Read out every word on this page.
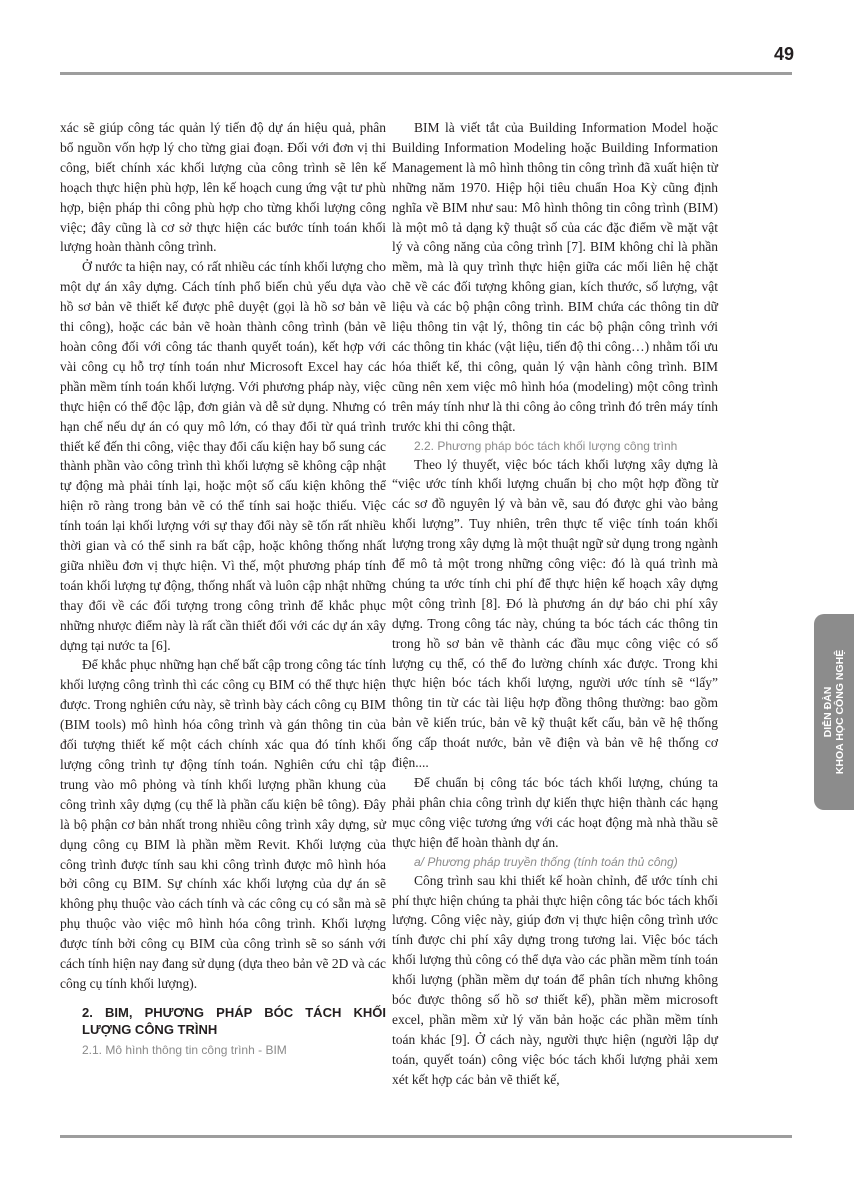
49

xác sẽ giúp công tác quản lý tiến độ dự án hiệu quả, phân bổ nguồn vốn hợp lý cho từng giai đoạn. Đối với đơn vị thi công, biết chính xác khối lượng của công trình sẽ lên kế hoạch thực hiện phù hợp, lên kế hoạch cung ứng vật tư phù hợp, biện pháp thi công phù hợp cho từng khối lượng công việc; đây cũng là cơ sở thực hiện các bước tính toán khối lượng hoàn thành công trình.

Ở nước ta hiện nay, có rất nhiều các tính khối lượng cho một dự án xây dựng. Cách tính phổ biến chủ yếu dựa vào hồ sơ bản vẽ thiết kế được phê duyệt (gọi là hồ sơ bản vẽ thi công), hoặc các bản vẽ hoàn thành công trình (bản vẽ hoàn công đối với công tác thanh quyết toán), kết hợp với vài công cụ hỗ trợ tính toán như Microsoft Excel hay các phần mềm tính toán khối lượng. Với phương pháp này, việc thực hiện có thể độc lập, đơn giản và dễ sử dụng. Nhưng có hạn chế nếu dự án có quy mô lớn, có thay đổi từ quá trình thiết kế đến thi công, việc thay đổi cấu kiện hay bổ sung các thành phần vào công trình thì khối lượng sẽ không cập nhật tự động mà phải tính lại, hoặc một số cấu kiện không thể hiện rõ ràng trong bản vẽ có thể tính sai hoặc thiếu. Việc tính toán lại khối lượng với sự thay đổi này sẽ tốn rất nhiều thời gian và có thể sinh ra bất cập, hoặc không thống nhất giữa nhiều đơn vị thực hiện. Vì thế, một phương pháp tính toán khối lượng tự động, thống nhất và luôn cập nhật những thay đổi về các đối tượng trong công trình để khắc phục những nhược điểm này là rất cần thiết đối với các dự án xây dựng tại nước ta [6].

Để khắc phục những hạn chế bất cập trong công tác tính khối lượng công trình thì các công cụ BIM có thể thực hiện được. Trong nghiên cứu này, sẽ trình bày cách công cụ BIM (BIM tools) mô hình hóa công trình và gán thông tin của đối tượng thiết kế một cách chính xác qua đó tính khối lượng công trình tự động tính toán. Nghiên cứu chỉ tập trung vào mô phỏng và tính khối lượng phần khung của công trình xây dựng (cụ thể là phần cấu kiện bê tông). Đây là bộ phận cơ bản nhất trong nhiều công trình xây dựng, sử dụng công cụ BIM là phần mềm Revit. Khối lượng của công trình được tính sau khi công trình được mô hình hóa bởi công cụ BIM. Sự chính xác khối lượng của dự án sẽ không phụ thuộc vào cách tính và các công cụ có sẵn mà sẽ phụ thuộc vào việc mô hình hóa công trình. Khối lượng được tính bởi công cụ BIM của công trình sẽ so sánh với cách tính hiện nay đang sử dụng (dựa theo bản vẽ 2D và các công cụ tính khối lượng).

2. BIM, PHƯƠNG PHÁP BÓC TÁCH KHỐI LƯỢNG CÔNG TRÌNH
2.1. Mô hình thông tin công trình - BIM

BIM là viết tắt của Building Information Model hoặc Building Information Modeling hoặc Building Information Management là mô hình thông tin công trình đã xuất hiện từ những năm 1970. Hiệp hội tiêu chuẩn Hoa Kỳ cũng định nghĩa về BIM như sau: Mô hình thông tin công trình (BIM) là một mô tả dạng kỹ thuật số của các đặc điểm về mặt vật lý và công năng của công trình [7]. BIM không chỉ là phần mềm, mà là quy trình thực hiện giữa các mối liên hệ chặt chẽ về các đối tượng không gian, kích thước, số lượng, vật liệu và các bộ phận công trình. BIM chứa các thông tin dữ liệu thông tin vật lý, thông tin các bộ phận công trình với các thông tin khác (vật liệu, tiến độ thi công…) nhằm tối ưu hóa thiết kế, thi công, quản lý vận hành công trình. BIM cũng nên xem việc mô hình hóa (modeling) một công trình trên máy tính như là thi công ảo công trình đó trên máy tính trước khi thi công thật.

2.2. Phương pháp bóc tách khối lượng công trình

Theo lý thuyết, việc bóc tách khối lượng xây dựng là “việc ước tính khối lượng chuẩn bị cho một hợp đồng từ các sơ đồ nguyên lý và bản vẽ, sau đó được ghi vào bảng khối lượng”. Tuy nhiên, trên thực tế việc tính toán khối lượng trong xây dựng là một thuật ngữ sử dụng trong ngành để mô tả một trong những công việc: đó là quá trình mà chúng ta ước tính chi phí để thực hiện kế hoạch xây dựng một công trình [8]. Đó là phương án dự báo chi phí xây dựng. Trong công tác này, chúng ta bóc tách các thông tin trong hồ sơ bản vẽ thành các đầu mục công việc có số lượng cụ thể, có thể đo lường chính xác được. Trong khi thực hiện bóc tách khối lượng, người ước tính sẽ “lấy” thông tin từ các tài liệu hợp đồng thông thường: bao gồm bản vẽ kiến trúc, bản vẽ kỹ thuật kết cấu, bản vẽ hệ thống ống cấp thoát nước, bản vẽ điện và bản vẽ hệ thống cơ điện....

Để chuẩn bị công tác bóc tách khối lượng, chúng ta phải phân chia công trình dự kiến thực hiện thành các hạng mục công việc tương ứng với các hoạt động mà nhà thầu sẽ thực hiện để hoàn thành dự án.

a/ Phương pháp truyền thống (tính toán thủ công)

Công trình sau khi thiết kế hoàn chỉnh, để ước tính chi phí thực hiện chúng ta phải thực hiện công tác bóc tách khối lượng. Công việc này, giúp đơn vị thực hiện công trình ước tính được chi phí xây dựng trong tương lai. Việc bóc tách khối lượng thủ công có thể dựa vào các phần mềm tính toán khối lượng (phần mềm dự toán để phân tích nhưng không bóc được thông số hồ sơ thiết kế), phần mềm microsoft excel, phần mềm xử lý văn bản hoặc các phần mềm tính toán khác [9]. Ở cách này, người thực hiện (người lập dự toán, quyết toán) công việc bóc tách khối lượng phải xem xét kết hợp các bản vẽ thiết kế,

DIỄN ĐÀN KHOA HỌC CÔNG NGHỆ
